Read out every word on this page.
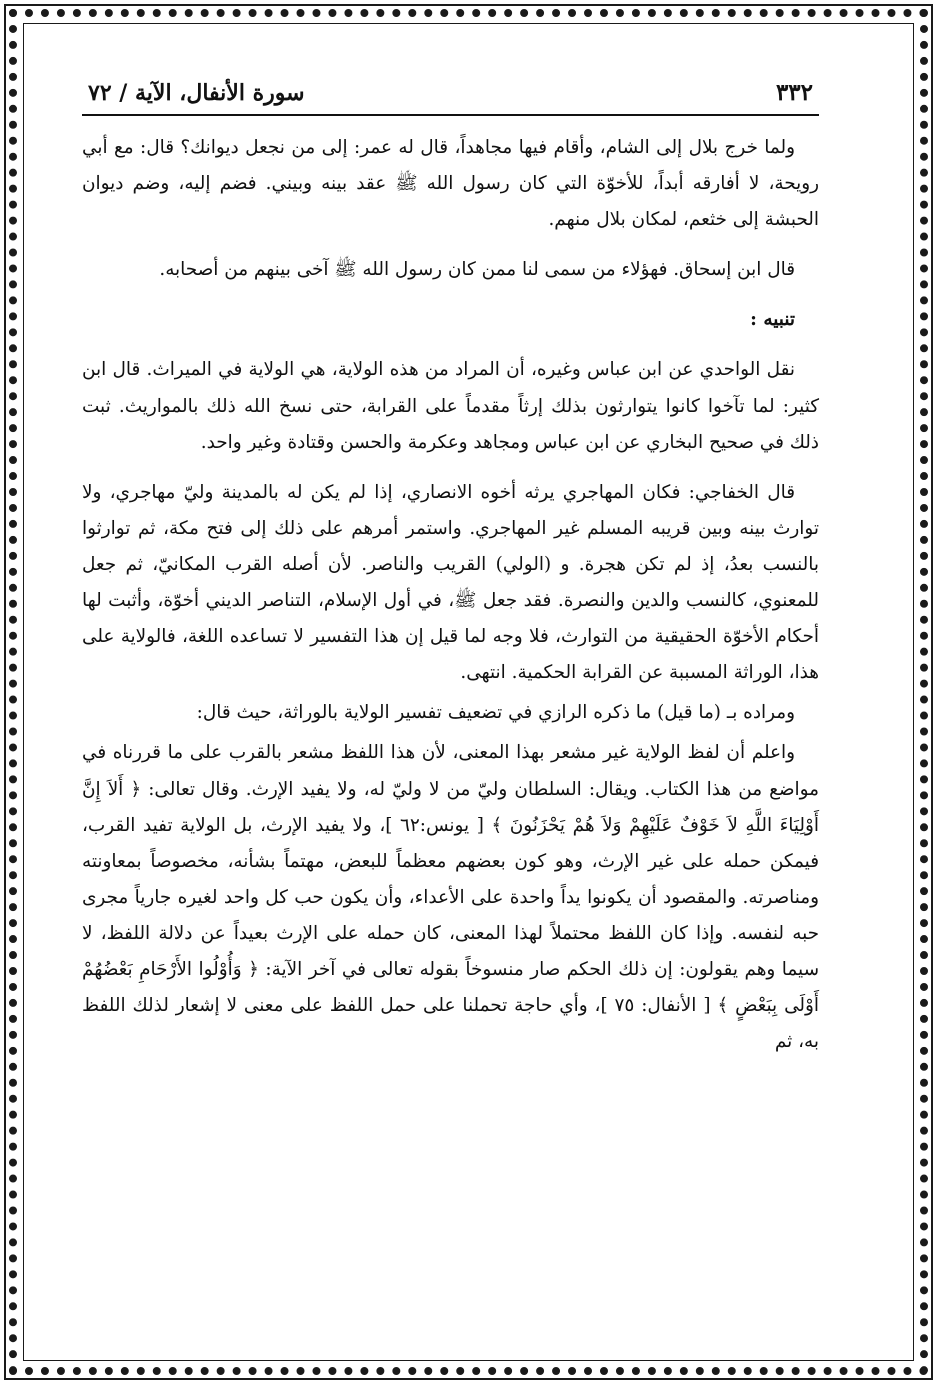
٣٣٢
سورة الأنفال، الآية / ٧٢

ولما خرج بلال إلى الشام، وأقام فيها مجاهداً، قال له عمر: إلى من نجعل ديوانك؟ قال: مع أبي رويحة، لا أفارقه أبداً، للأخوّة التي كان رسول الله ﷺ عقد بينه وبيني. فضم إليه، وضم ديوان الحبشة إلى خثعم، لمكان بلال منهم.

قال ابن إسحاق. فهؤلاء من سمى لنا ممن كان رسول الله ﷺ آخى بينهم من أصحابه.

تنبيه :

نقل الواحدي عن ابن عباس وغيره، أن المراد من هذه الولاية، هي الولاية في الميراث. قال ابن كثير: لما تآخوا كانوا يتوارثون بذلك إرثاً مقدماً على القرابة، حتى نسخ الله ذلك بالمواريث. ثبت ذلك في صحيح البخاري عن ابن عباس ومجاهد وعكرمة والحسن وقتادة وغير واحد.

قال الخفاجي: فكان المهاجري يرثه أخوه الانصاري، إذا لم يكن له بالمدينة وليّ مهاجري، ولا توارث بينه وبين قريبه المسلم غير المهاجري. واستمر أمرهم على ذلك إلى فتح مكة، ثم توارثوا بالنسب بعدُ، إذ لم تكن هجرة. و (الولي) القريب والناصر. لأن أصله القرب المكانيّ، ثم جعل للمعنوي، كالنسب والدين والنصرة. فقد جعل ﷺ، في أول الإسلام، التناصر الديني أخوّة، وأثبت لها أحكام الأخوّة الحقيقية من التوارث، فلا وجه لما قيل إن هذا التفسير لا تساعده اللغة، فالولاية على هذا، الوراثة المسببة عن القرابة الحكمية. انتهى.

ومراده بـ (ما قيل) ما ذكره الرازي في تضعيف تفسير الولاية بالوراثة، حيث قال:

واعلم أن لفظ الولاية غير مشعر بهذا المعنى، لأن هذا اللفظ مشعر بالقرب على ما قررناه في مواضع من هذا الكتاب. ويقال: السلطان وليّ من لا وليّ له، ولا يفيد الإرث. وقال تعالى: ﴿ أَلاَ إِنَّ أَوْلِيَاءَ اللَّهِ لاَ خَوْفٌ عَلَيْهِمْ وَلاَ هُمْ يَحْزَنُونَ ﴾ [ يونس:٦٢ ]، ولا يفيد الإرث، بل الولاية تفيد القرب، فيمكن حمله على غير الإرث، وهو كون بعضهم معظماً للبعض، مهتماً بشأنه، مخصوصاً بمعاونته ومناصرته. والمقصود أن يكونوا يداً واحدة على الأعداء، وأن يكون حب كل واحد لغيره جارياً مجرى حبه لنفسه. وإذا كان اللفظ محتملاً لهذا المعنى، كان حمله على الإرث بعيداً عن دلالة اللفظ، لا سيما وهم يقولون: إن ذلك الحكم صار منسوخاً بقوله تعالى في آخر الآية: ﴿ وَأُوْلُوا الأَرْحَامِ بَعْضُهُمْ أَوْلَى بِبَعْضٍ ﴾ [ الأنفال: ٧٥ ]، وأي حاجة تحملنا على حمل اللفظ على معنى لا إشعار لذلك اللفظ به، ثم
